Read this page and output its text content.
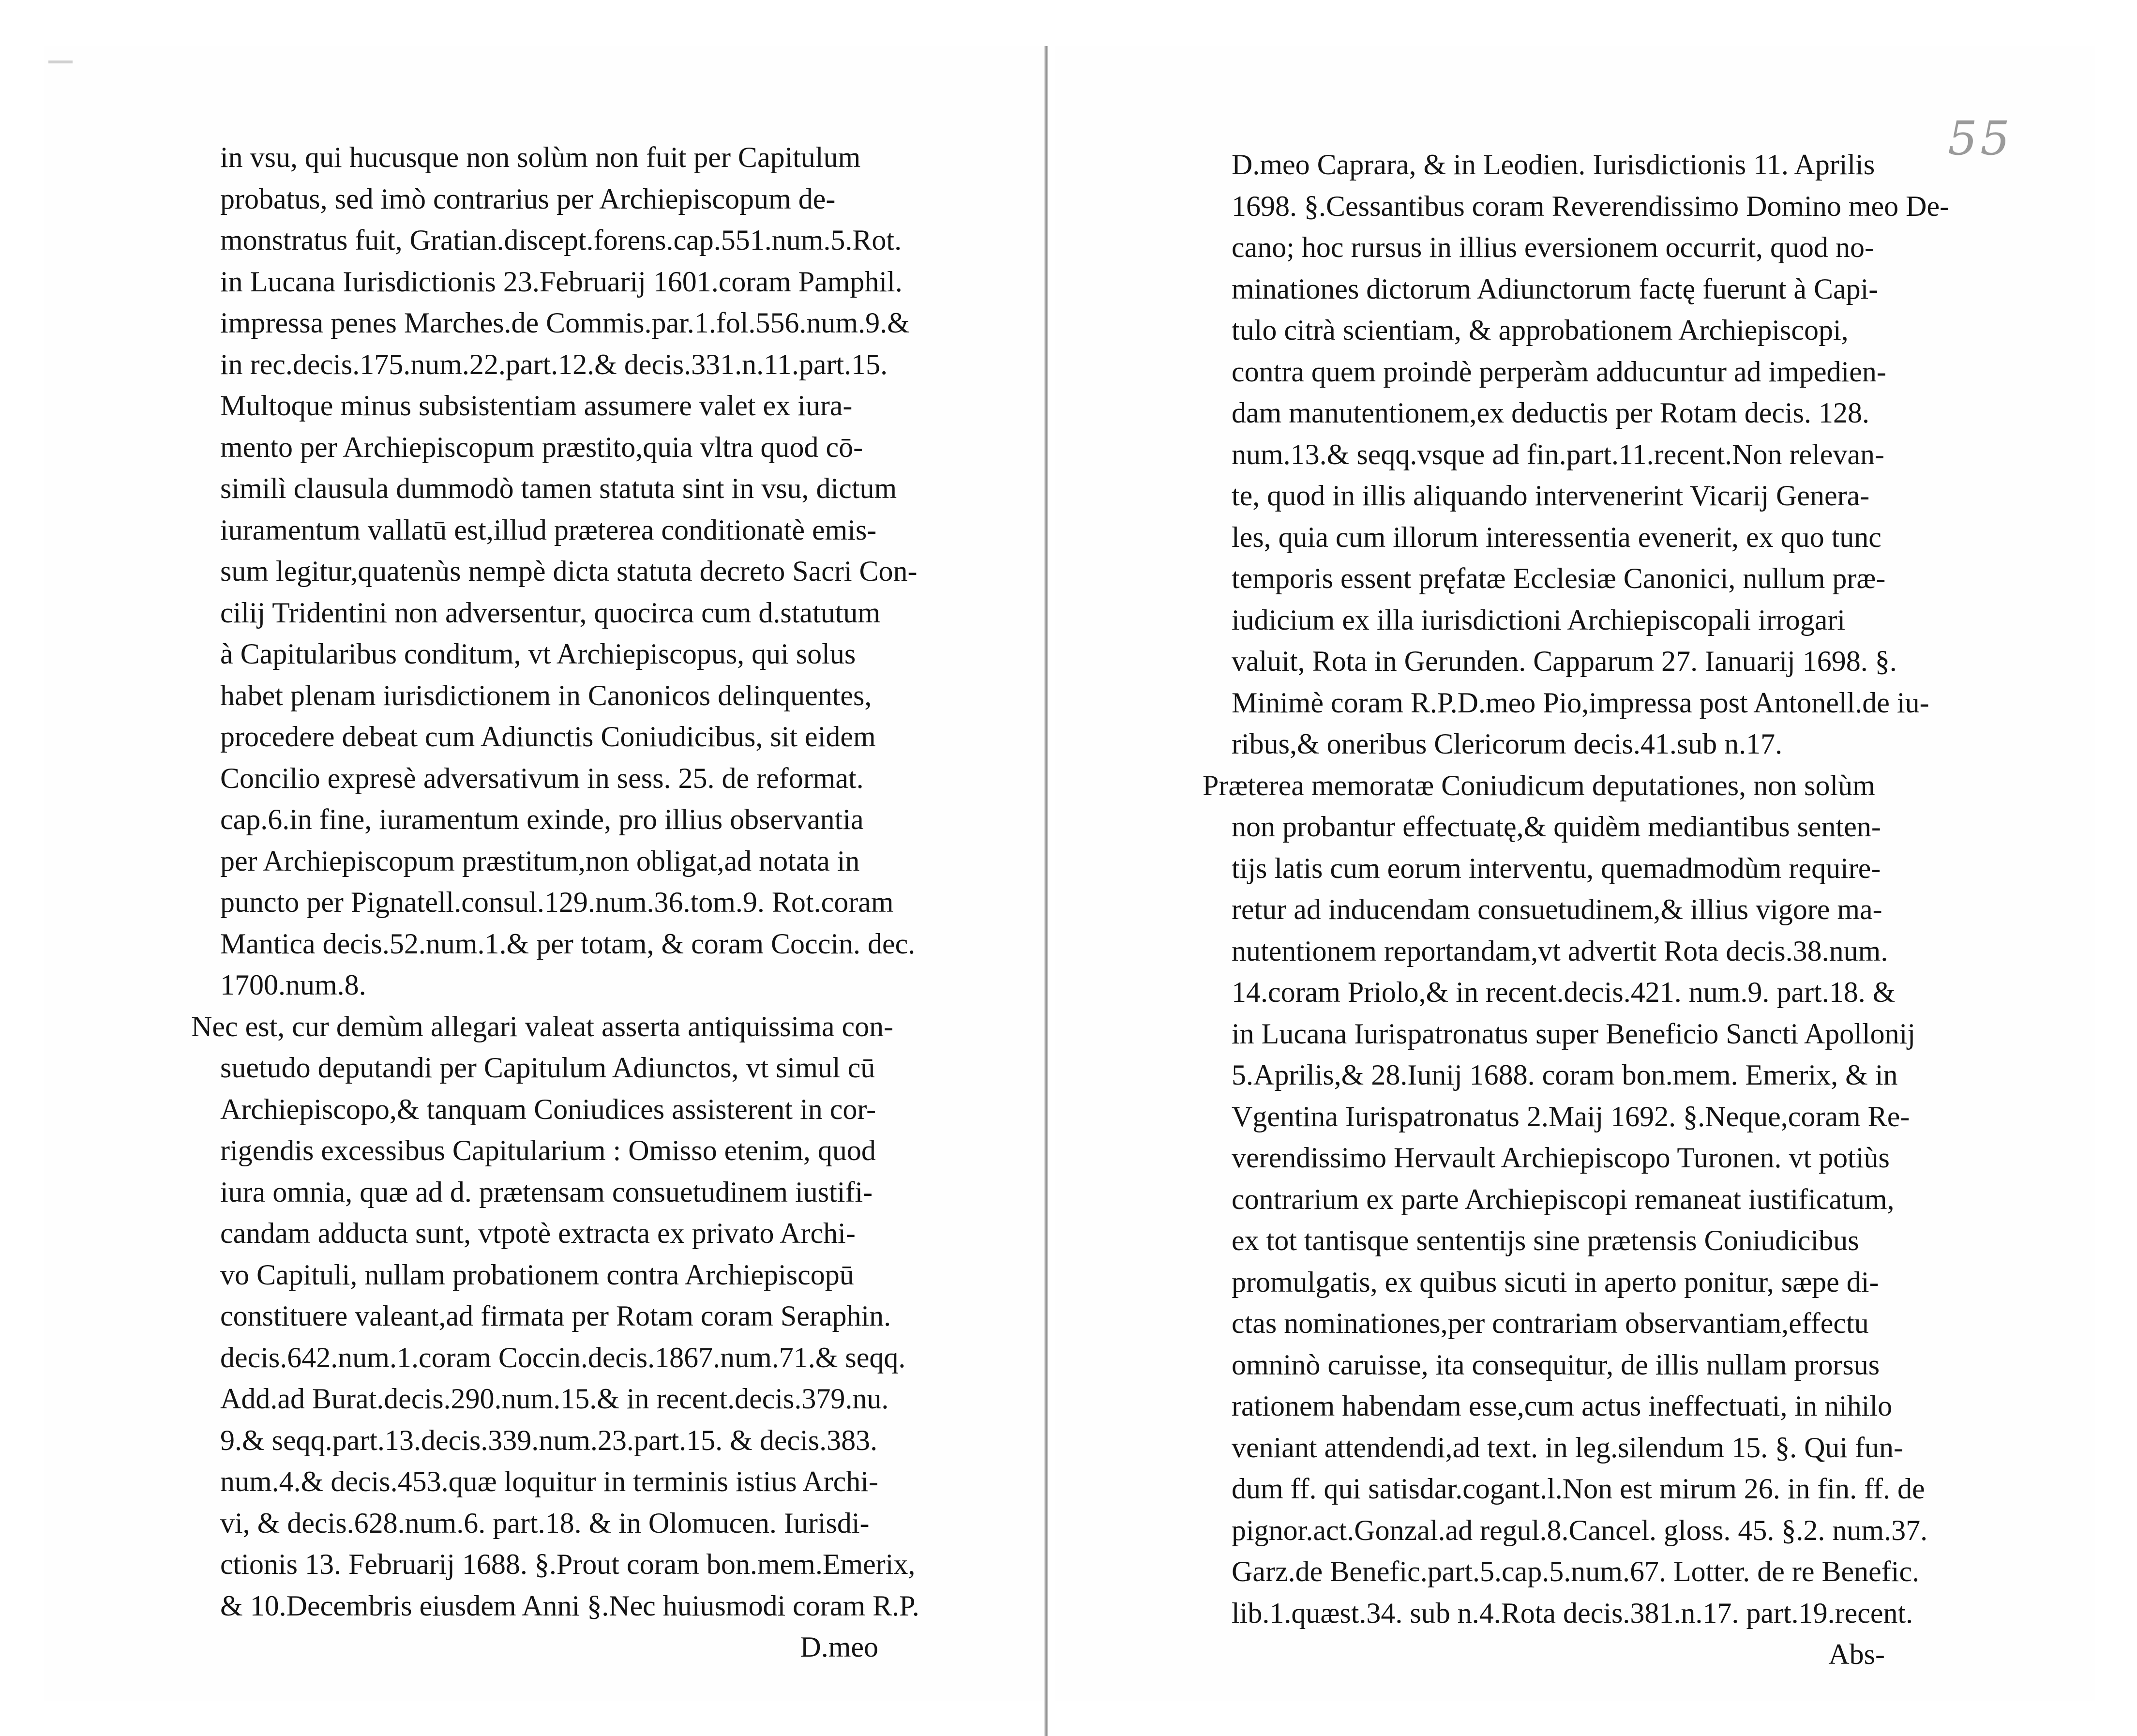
55
in vsu, qui hucusque non solùm non fuit per Capitulum
probatus, sed imò contrarius per Archiepiscopum de-
monstratus fuit, Gratian.discept.forens.cap.551.num.5.Rot.
in Lucana Iurisdictionis 23.Februarij 1601.coram Pamphil.
impressa penes Marches.de Commis.par.1.fol.556.num.9.&
in rec.decis.175.num.22.part.12.& decis.331.n.11.part.15.
Multoque minus subsistentiam assumere valet ex iura-
mento per Archiepiscopum præstito,quia vltra quod cō-
similì clausula dummodò tamen statuta sint in vsu, dictum
iuramentum vallatū est,illud præterea conditionatè emis-
sum legitur,quatenùs nempè dicta statuta decreto Sacri Con-
cilij Tridentini non adversentur, quocirca cum d.statutum
à Capitularibus conditum, vt Archiepiscopus, qui solus
habet plenam iurisdictionem in Canonicos delinquentes,
procedere debeat cum Adiunctis Coniudicibus, sit eidem
Concilio expresè adversativum in sess. 25. de reformat.
cap.6.in fine, iuramentum exinde, pro illius observantia
per Archiepiscopum præstitum,non obligat,ad notata in
puncto per Pignatell.consul.129.num.36.tom.9. Rot.coram
Mantica decis.52.num.1.& per totam, & coram Coccin. dec.
1700.num.8.
Nec est, cur demùm allegari valeat asserta antiquissima con-
suetudo deputandi per Capitulum Adiunctos, vt simul cū
Archiepiscopo,& tanquam Coniudices assisterent in cor-
rigendis excessibus Capitularium : Omisso etenim, quod
iura omnia, quæ ad d. prætensam consuetudinem iustifi-
candam adducta sunt, vtpotè extracta ex privato Archi-
vo Capituli, nullam probationem contra Archiepiscopū
constituere valeant,ad firmata per Rotam coram Seraphin.
decis.642.num.1.coram Coccin.decis.1867.num.71.& seqq.
Add.ad Burat.decis.290.num.15.& in recent.decis.379.nu.
9.& seqq.part.13.decis.339.num.23.part.15. & decis.383.
num.4.& decis.453.quæ loquitur in terminis istius Archi-
vi, & decis.628.num.6. part.18. & in Olomucen. Iurisdi-
ctionis 13. Februarij 1688. §.Prout coram bon.mem.Emerix,
& 10.Decembris eiusdem Anni §.Nec huiusmodi coram R.P.
D.meo
D.meo Caprara, & in Leodien. Iurisdictionis 11. Aprilis
1698. §.Cessantibus coram Reverendissimo Domino meo De-
cano; hoc rursus in illius eversionem occurrit, quod no-
minationes dictorum Adiunctorum factę fuerunt à Capi-
tulo citrà scientiam, & approbationem Archiepiscopi,
contra quem proindè perperàm adducuntur ad impedien-
dam manutentionem,ex deductis per Rotam decis. 128.
num.13.& seqq.vsque ad fin.part.11.recent.Non relevan-
te, quod in illis aliquando intervenerint Vicarij Genera-
les, quia cum illorum interessentia evenerit, ex quo tunc
temporis essent pręfatæ Ecclesiæ Canonici, nullum præ-
iudicium ex illa iurisdictioni Archiepiscopali irrogari
valuit, Rota in Gerunden. Capparum 27. Ianuarij 1698. §.
Minimè coram R.P.D.meo Pio,impressa post Antonell.de iu-
ribus,& oneribus Clericorum decis.41.sub n.17.
Præterea memoratæ Coniudicum deputationes, non solùm
non probantur effectuatę,& quidèm mediantibus senten-
tijs latis cum eorum interventu, quemadmodùm require-
retur ad inducendam consuetudinem,& illius vigore ma-
nutentionem reportandam,vt advertit Rota decis.38.num.
14.coram Priolo,& in recent.decis.421. num.9. part.18. &
in Lucana Iurispatronatus super Beneficio Sancti Apollonij
5.Aprilis,& 28.Iunij 1688. coram bon.mem. Emerix, & in
Vgentina Iurispatronatus 2.Maij 1692. §.Neque,coram Re-
verendissimo Hervault Archiepiscopo Turonen. vt potiùs
contrarium ex parte Archiepiscopi remaneat iustificatum,
ex tot tantisque sententijs sine prætensis Coniudicibus
promulgatis, ex quibus sicuti in aperto ponitur, sæpe di-
ctas nominationes,per contrariam observantiam,effectu
omninò caruisse, ita consequitur, de illis nullam prorsus
rationem habendam esse,cum actus ineffectuati, in nihilo
veniant attendendi,ad text. in leg.silendum 15. §. Qui fun-
dum ff. qui satisdar.cogant.l.Non est mirum 26. in fin. ff. de
pignor.act.Gonzal.ad regul.8.Cancel. gloss. 45. §.2. num.37.
Garz.de Benefic.part.5.cap.5.num.67. Lotter. de re Benefic.
lib.1.quæst.34. sub n.4.Rota decis.381.n.17. part.19.recent.
Abs-
